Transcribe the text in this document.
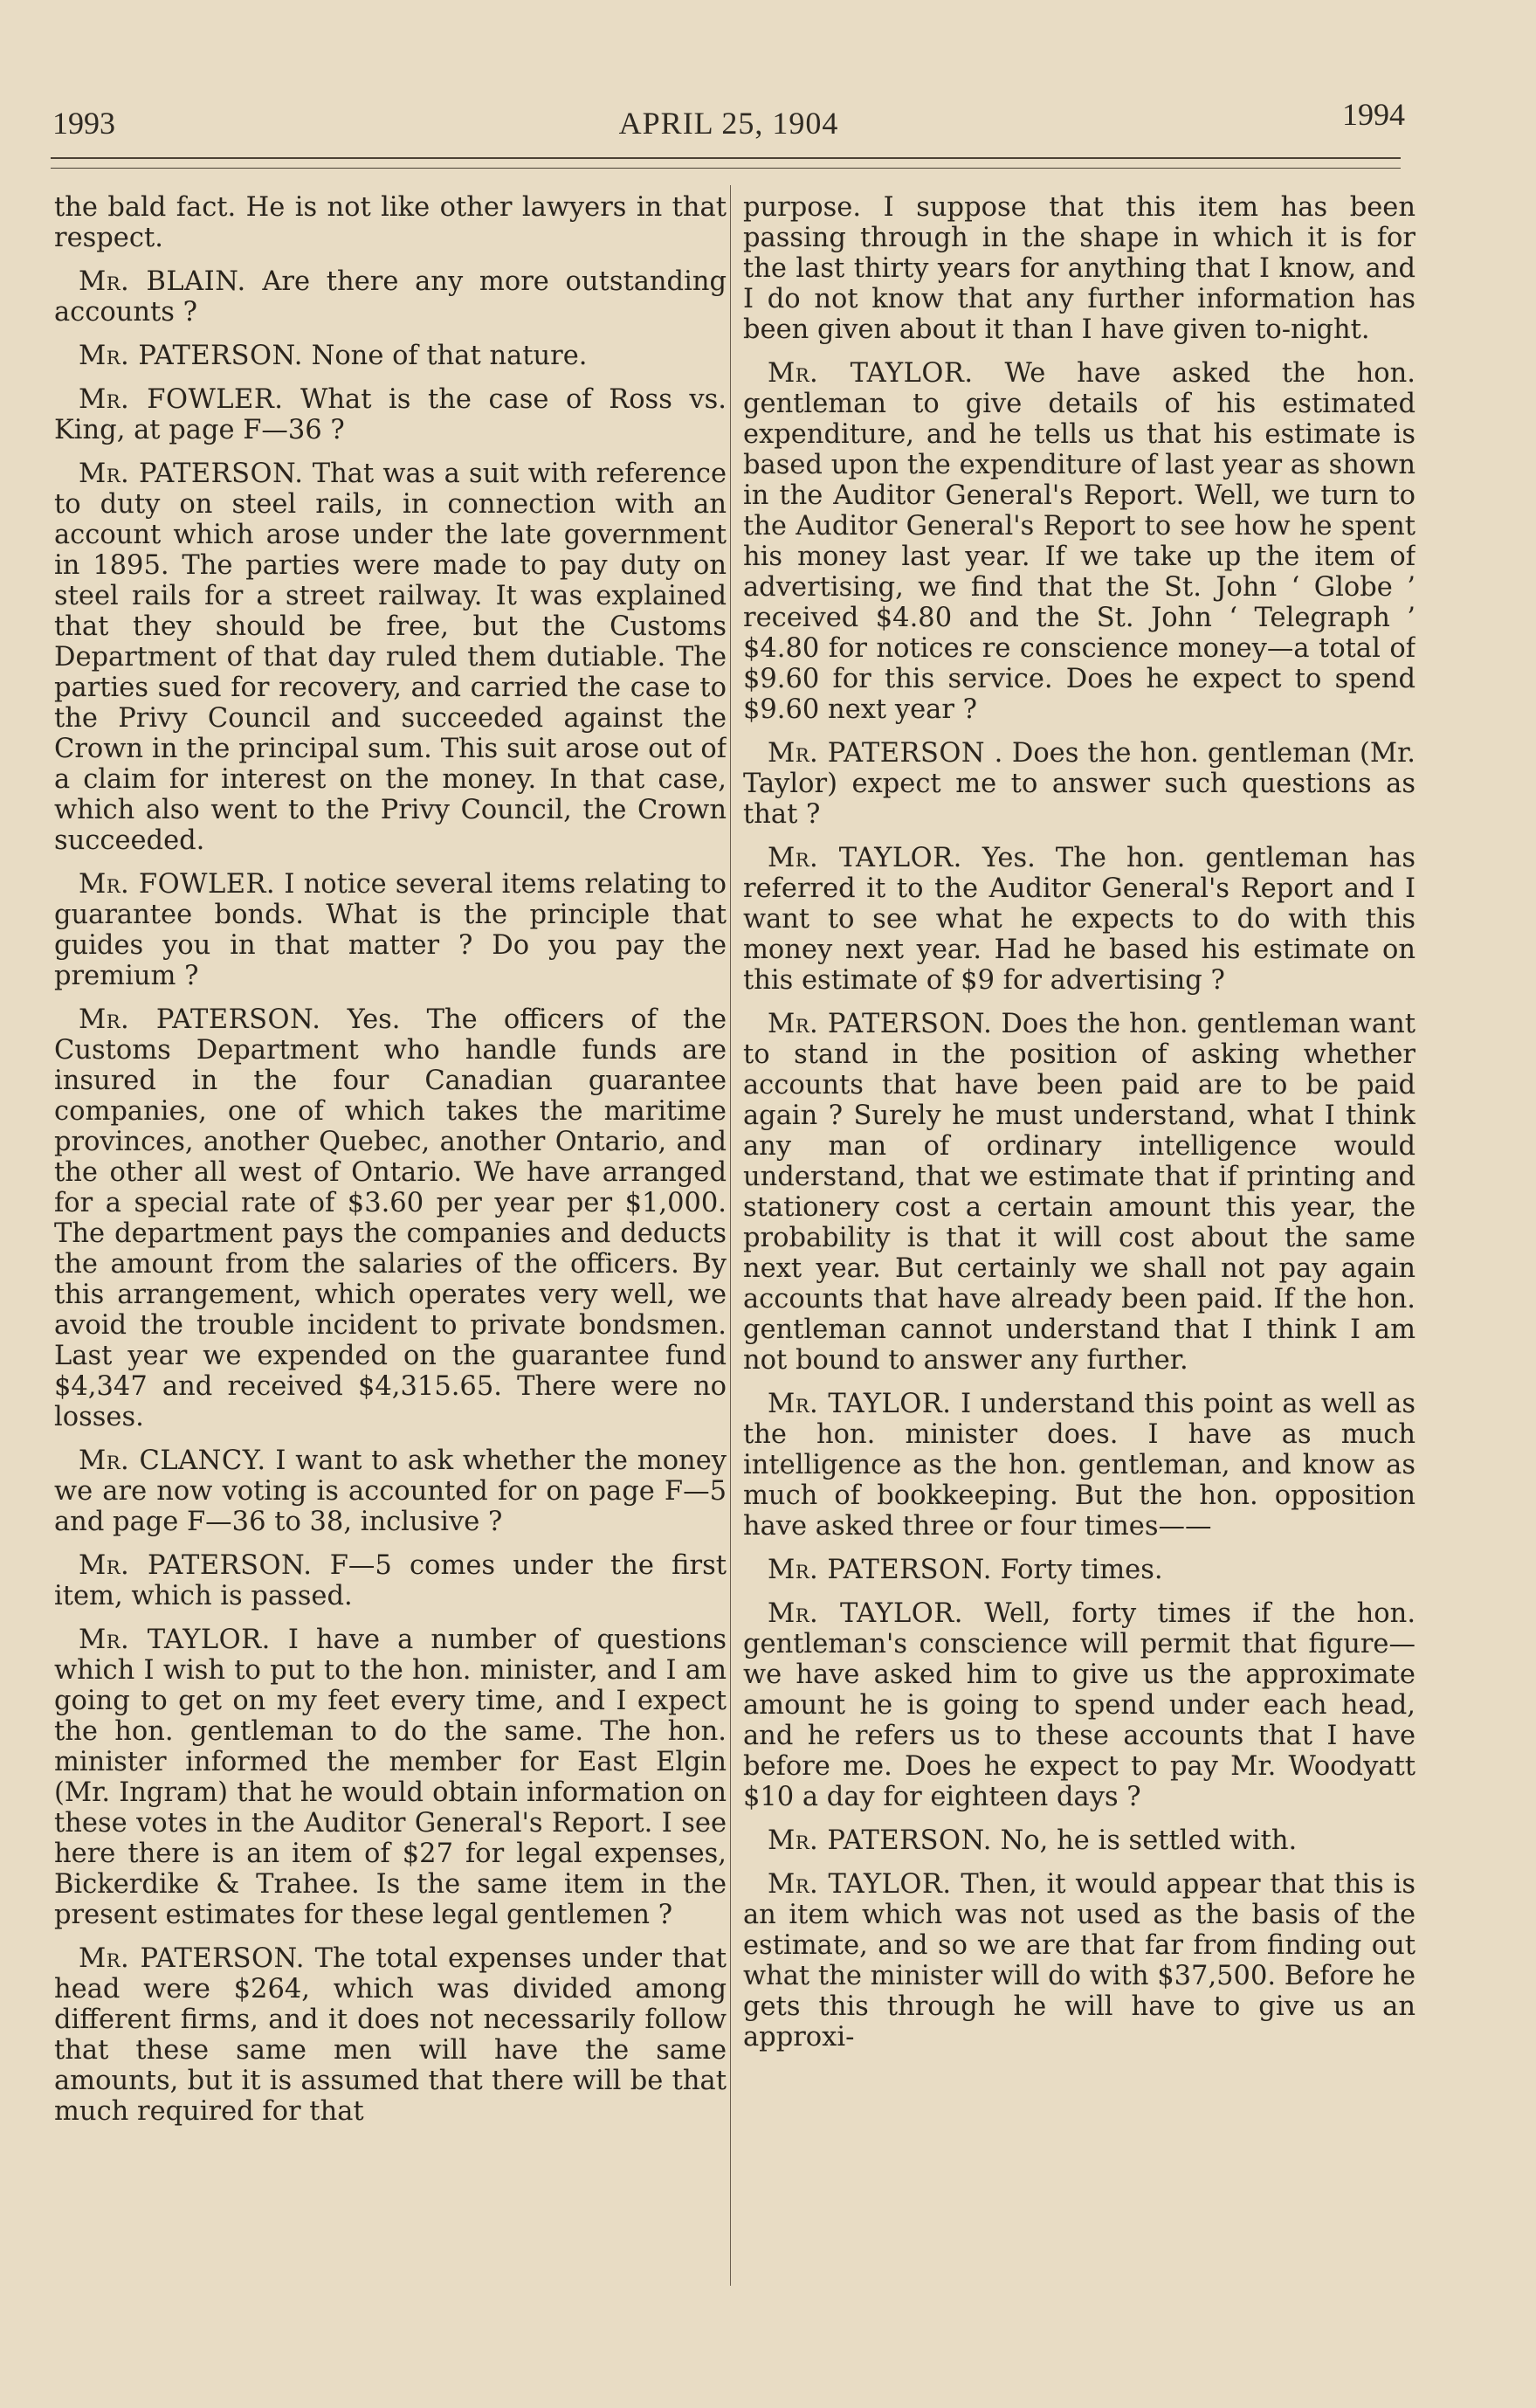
1993	APRIL 25, 1904	1994

the bald fact. He is not like other lawyers in that respect.

Mr. BLAIN. Are there any more outstanding accounts ?

Mr. PATERSON. None of that nature.

Mr. FOWLER. What is the case of Ross vs. King, at page F—36 ?

Mr. PATERSON. That was a suit with reference to duty on steel rails, in connection with an account which arose under the late government in 1895. The parties were made to pay duty on steel rails for a street railway. It was explained that they should be free, but the Customs Department of that day ruled them dutiable. The parties sued for recovery, and carried the case to the Privy Council and succeeded against the Crown in the principal sum. This suit arose out of a claim for interest on the money. In that case, which also went to the Privy Council, the Crown succeeded.

Mr. FOWLER. I notice several items relating to guarantee bonds. What is the principle that guides you in that matter ? Do you pay the premium ?

Mr. PATERSON. Yes. The officers of the Customs Department who handle funds are insured in the four Canadian guarantee companies, one of which takes the maritime provinces, another Quebec, another Ontario, and the other all west of Ontario. We have arranged for a special rate of $3.60 per year per $1,000. The department pays the companies and deducts the amount from the salaries of the officers. By this arrangement, which operates very well, we avoid the trouble incident to private bondsmen. Last year we expended on the guarantee fund $4,347 and received $4,315.65. There were no losses.

Mr. CLANCY. I want to ask whether the money we are now voting is accounted for on page F—5 and page F—36 to 38, inclusive ?

Mr. PATERSON. F—5 comes under the first item, which is passed.

Mr. TAYLOR. I have a number of questions which I wish to put to the hon. minister, and I am going to get on my feet every time, and I expect the hon. gentleman to do the same. The hon. minister informed the member for East Elgin (Mr. Ingram) that he would obtain information on these votes in the Auditor General's Report. I see here there is an item of $27 for legal expenses, Bickerdike & Trahee. Is the same item in the present estimates for these legal gentlemen ?

Mr. PATERSON. The total expenses under that head were $264, which was divided among different firms, and it does not necessarily follow that these same men will have the same amounts, but it is assumed that there will be that much required for that

purpose. I suppose that this item has been passing through in the shape in which it is for the last thirty years for anything that I know, and I do not know that any further information has been given about it than I have given to-night.

Mr. TAYLOR. We have asked the hon. gentleman to give details of his estimated expenditure, and he tells us that his estimate is based upon the expenditure of last year as shown in the Auditor General's Report. Well, we turn to the Auditor General's Report to see how he spent his money last year. If we take up the item of advertising, we find that the St. John ‘ Globe ’ received $4.80 and the St. John ‘ Telegraph ’ $4.80 for notices re conscience money—a total of $9.60 for this service. Does he expect to spend $9.60 next year ?

Mr. PATERSON . Does the hon. gentleman (Mr. Taylor) expect me to answer such questions as that ?

Mr. TAYLOR. Yes. The hon. gentleman has referred it to the Auditor General's Report and I want to see what he expects to do with this money next year. Had he based his estimate on this estimate of $9 for advertising ?

Mr. PATERSON. Does the hon. gentleman want to stand in the position of asking whether accounts that have been paid are to be paid again ? Surely he must understand, what I think any man of ordinary intelligence would understand, that we estimate that if printing and stationery cost a certain amount this year, the probability is that it will cost about the same next year. But certainly we shall not pay again accounts that have already been paid. If the hon. gentleman cannot understand that I think I am not bound to answer any further.

Mr. TAYLOR. I understand this point as well as the hon. minister does. I have as much intelligence as the hon. gentleman, and know as much of bookkeeping. But the hon. opposition have asked three or four times——

Mr. PATERSON. Forty times.

Mr. TAYLOR. Well, forty times if the hon. gentleman's conscience will permit that figure—we have asked him to give us the approximate amount he is going to spend under each head, and he refers us to these accounts that I have before me. Does he expect to pay Mr. Woodyatt $10 a day for eighteen days ?

Mr. PATERSON. No, he is settled with.

Mr. TAYLOR. Then, it would appear that this is an item which was not used as the basis of the estimate, and so we are that far from finding out what the minister will do with $37,500. Before he gets this through he will have to give us an approxi-
